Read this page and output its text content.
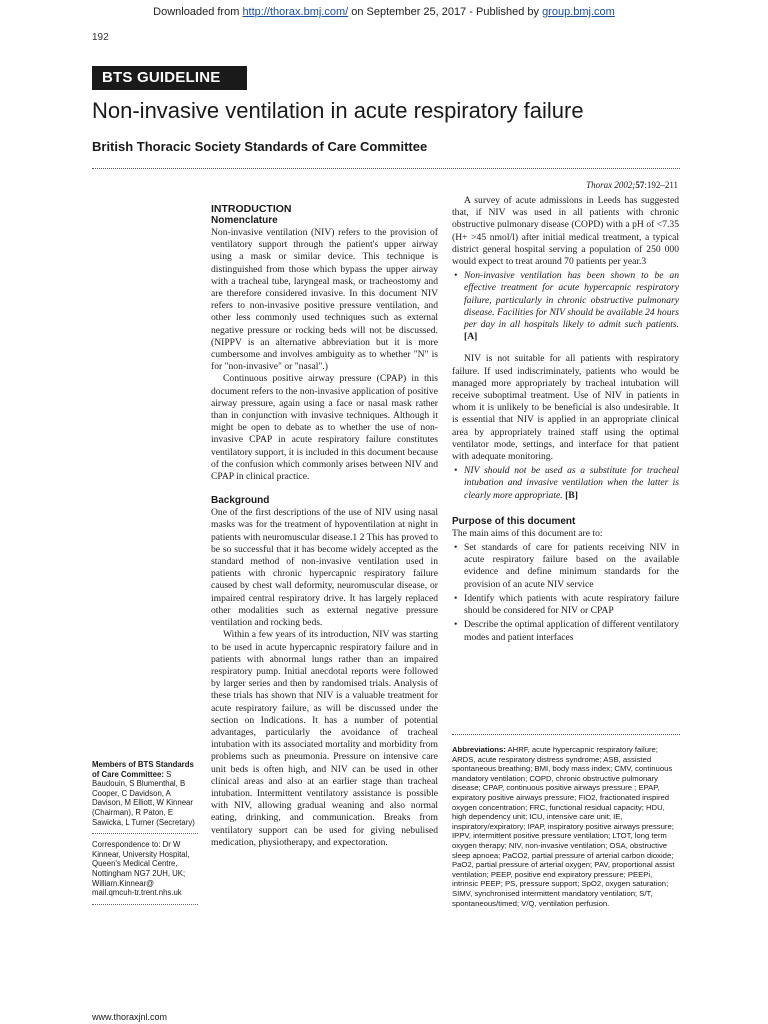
Downloaded from http://thorax.bmj.com/ on September 25, 2017 - Published by group.bmj.com
192
BTS GUIDELINE
Non-invasive ventilation in acute respiratory failure
British Thoracic Society Standards of Care Committee
Thorax 2002;57:192–211
INTRODUCTION
Nomenclature

Non-invasive ventilation (NIV) refers to the provision of ventilatory support through the patient's upper airway using a mask or similar device. This technique is distinguished from those which bypass the upper airway with a tracheal tube, laryngeal mask, or tracheostomy and are therefore considered invasive. In this document NIV refers to non-invasive positive pressure ventilation, and other less commonly used techniques such as external negative pressure or rocking beds will not be discussed. (NIPPV is an alternative abbreviation but it is more cumbersome and involves ambiguity as to whether "N" is for "non-invasive" or "nasal".)

Continuous positive airway pressure (CPAP) in this document refers to the non-invasive application of positive airway pressure, again using a face or nasal mask rather than in conjunction with invasive techniques. Although it might be open to debate as to whether the use of non-invasive CPAP in acute respiratory failure constitutes ventilatory support, it is included in this document because of the confusion which commonly arises between NIV and CPAP in clinical practice.

Background

One of the first descriptions of the use of NIV using nasal masks was for the treatment of hypoventilation at night in patients with neuromuscular disease.1 2 This has proved to be so successful that it has become widely accepted as the standard method of non-invasive ventilation used in patients with chronic hypercapnic respiratory failure caused by chest wall deformity, neuromuscular disease, or impaired central respiratory drive. It has largely replaced other modalities such as external negative pressure ventilation and rocking beds.

Within a few years of its introduction, NIV was starting to be used in acute hypercapnic respiratory failure and in patients with abnormal lungs rather than an impaired respiratory pump. Initial anecdotal reports were followed by larger series and then by randomised trials. Analysis of these trials has shown that NIV is a valuable treatment for acute respiratory failure, as will be discussed under the section on Indications. It has a number of potential advantages, particularly the avoidance of tracheal intubation with its associated mortality and morbidity from problems such as pneumonia. Pressure on intensive care unit beds is often high, and NIV can be used in other clinical areas and also at an earlier stage than tracheal intubation. Intermittent ventilatory assistance is possible with NIV, allowing gradual weaning and also normal eating, drinking, and communication. Breaks from ventilatory support can be used for giving nebulised medication, physiotherapy, and expectoration.

A survey of acute admissions in Leeds has suggested that, if NIV was used in all patients with chronic obstructive pulmonary disease (COPD) with a pH of <7.35 (H+ >45 nmol/l) after initial medical treatment, a typical district general hospital serving a population of 250 000 would expect to treat around 70 patients per year.3

• Non-invasive ventilation has been shown to be an effective treatment for acute hypercapnic respiratory failure, particularly in chronic obstructive pulmonary disease. Facilities for NIV should be available 24 hours per day in all hospitals likely to admit such patients. [A]

NIV is not suitable for all patients with respiratory failure. If used indiscriminately, patients who would be managed more appropriately by tracheal intubation will receive suboptimal treatment. Use of NIV in patients in whom it is unlikely to be beneficial is also undesirable. It is essential that NIV is applied in an appropriate clinical area by appropriately trained staff using the optimal ventilator mode, settings, and interface for that patient with adequate monitoring.

• NIV should not be used as a substitute for tracheal intubation and invasive ventilation when the latter is clearly more appropriate. [B]
Purpose of this document

The main aims of this document are to:

• Set standards of care for patients receiving NIV in acute respiratory failure based on the available evidence and define minimum standards for the provision of an acute NIV service
• Identify which patients with acute respiratory failure should be considered for NIV or CPAP
• Describe the optimal application of different ventilatory modes and patient interfaces
Abbreviations: AHRF, acute hypercapnic respiratory failure; ARDS, acute respiratory distress syndrome; ASB, assisted spontaneous breathing; BMI, body mass index; CMV, continuous mandatory ventilation; COPD, chronic obstructive pulmonary disease; CPAP, continuous positive airways pressure ; EPAP, expiratory positive airways pressure; FIO2, fractionated inspired oxygen concentration; FRC, functional residual capacity; HDU, high dependency unit; ICU, intensive care unit; IE, inspiratory/expiratory; IPAP, inspiratory positive airways pressure; IPPV, intermittent positive pressure ventilation; LTOT, long term oxygen therapy; NIV, non-invasive ventilation; OSA, obstructive sleep apnoea; PaCO2, partial pressure of arterial carbon dioxide; PaO2, partial pressure of arterial oxygen; PAV, proportional assist ventilation; PEEP, positive end expiratory pressure; PEEPi, intrinsic PEEP; PS, pressure support; SpO2, oxygen saturation; SIMV, synchronised intermittent mandatory ventilation; S/T, spontaneous/timed; V/Q, ventilation perfusion.
Members of BTS Standards of Care Committee: S Baudouin, S Blumenthal, B Cooper, C Davidson, A Davison, M Elliott, W Kinnear (Chairman), R Paton, E Sawicka, L Turner (Secretary)
Correspondence to: Dr W Kinnear, University Hospital, Queen's Medical Centre, Nottingham NG7 2UH, UK; William.Kinnear@ mail.qmcuh-tr.trent.nhs.uk
www.thoraxjnl.com
